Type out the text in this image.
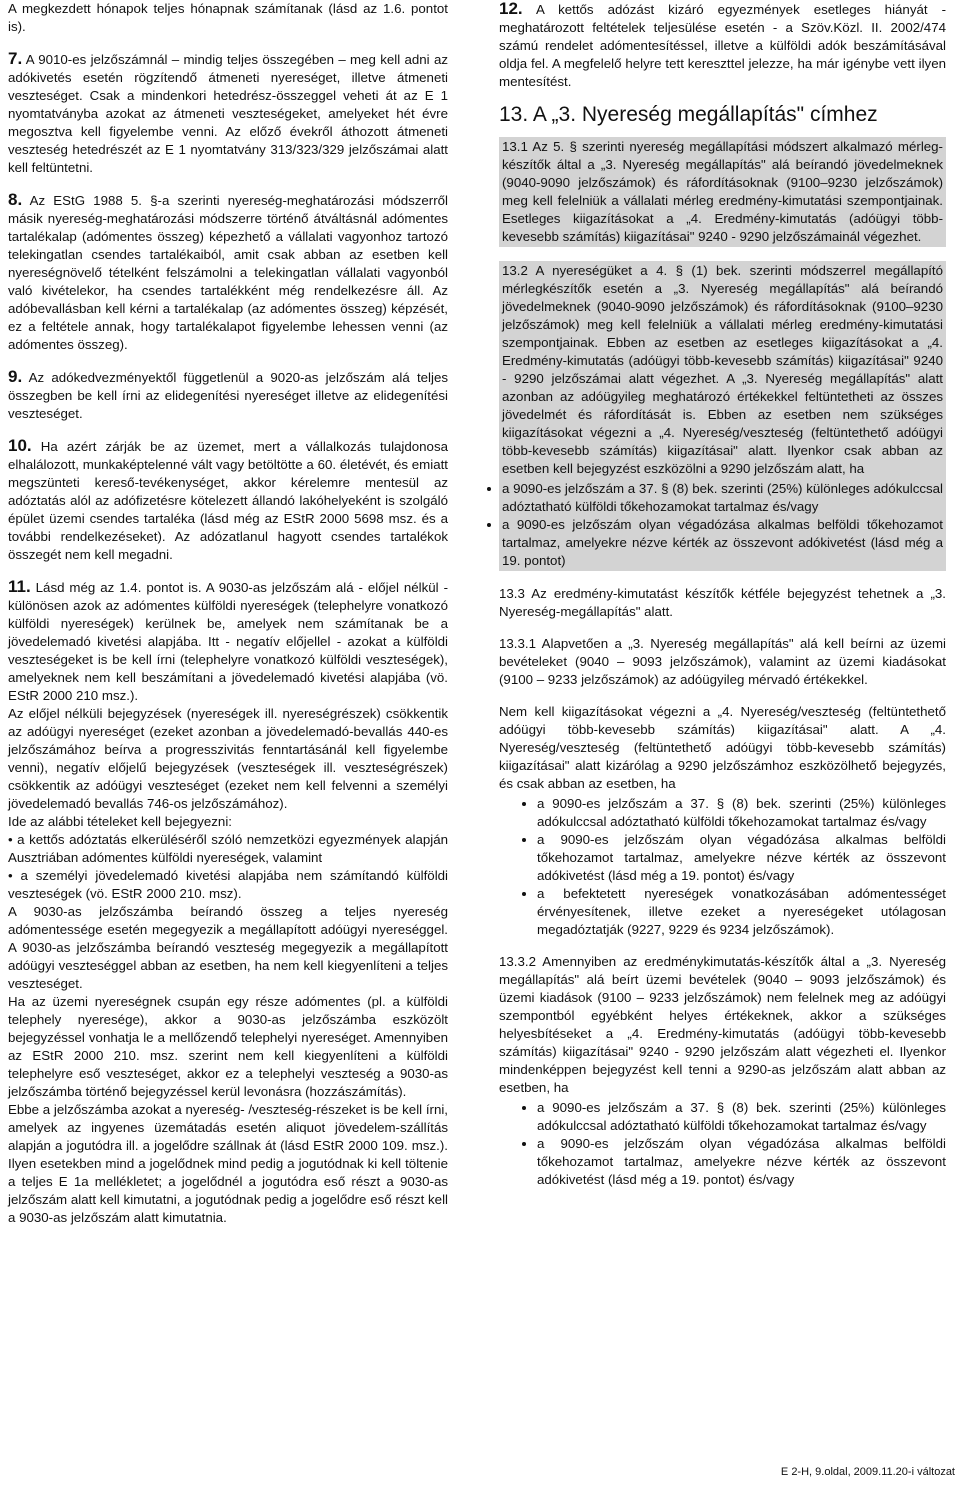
A megkezdett hónapok teljes hónapnak számítanak (lásd az 1.6. pontot is).

7. A 9010-es jelzőszámnál – mindig teljes összegében – meg kell adni az adókivetés esetén rögzítendő átmeneti nyereséget, illetve átmeneti veszteséget. Csak a mindenkori hetedrész-összeggel veheti át az E 1 nyomtatványba azokat az átmeneti veszteségeket, amelyeket hét évre megosztva kell figyelembe venni. Az előző évekről áthozott átmeneti veszteség hetedrészét az E 1 nyomtatvány 313/323/329 jelzőszámai alatt kell feltüntetni.

8. Az EStG 1988 5. §-a szerinti nyereség-meghatározási módszerről másik nyereség-meghatározási módszerre történő átváltásnál adómentes tartalékalap (adómentes összeg) képezhető a vállalati vagyonhoz tartozó telekingatlan csendes tartalékaiból, amit csak abban az esetben kell nyereségnövelő tételként felszámolni a telekingatlan vállalati vagyonból való kivételekor, ha csendes tartalékként még rendelkezésre áll. Az adóbevallásban kell kérni a tartalékalap (az adómentes összeg) képzését, ez a feltétele annak, hogy tartalékalapot figyelembe lehessen venni (az adómentes összeg).

9. Az adókedvezményektől függetlenül a 9020-as jelzőszám alá teljes összegben be kell írni az elidegenítési nyereséget illetve az elidegenítési veszteséget.

10. Ha azért zárják be az üzemet, mert a vállalkozás tulajdonosa elhalálozott, munkaképtelenné vált vagy betöltötte a 60. életévét, és emiatt megszünteti kereső-tevékenységet, akkor kérelemre mentesül az adóztatás alól az adófizetésre kötelezett állandó lakóhelyeként is szolgáló épület üzemi csendes tartaléka (lásd még az EStR 2000 5698 msz. és a további rendelkezéseket). Az adózatlanul hagyott csendes tartalékok összegét nem kell megadni.

11. Lásd még az 1.4. pontot is. A 9030-as jelzőszám alá - előjel nélkül - különösen azok az adómentes külföldi nyereségek (telephelyre vonatkozó külföldi nyereségek) kerülnek be, amelyek nem számítanak be a jövedelemadó kivetési alapjába. Itt - negatív előjellel - azokat a külföldi veszteségeket is be kell írni (telephelyre vonatkozó külföldi veszteségek), amelyeknek nem kell beszámítani a jövedelemadó kivetési alapjába (vö. EStR 2000 210 msz.).

Az előjel nélküli bejegyzések (nyereségek ill. nyereségrészek) csökkentik az adóügyi nyereséget (ezeket azonban a jövedelemadó-bevallás 440-es jelzőszámához beírva a progresszivitás fenntartásánál kell figyelembe venni), negatív előjelű bejegyzések (veszteségek ill. veszteségrészek) csökkentik az adóügyi veszteséget (ezeket nem kell felvenni a személyi jövedelemadó bevallás 746-os jelzőszámához).

Ide az alábbi tételeket kell bejegyezni:

• a kettős adóztatás elkerüléséről szóló nemzetközi egyezmények alapján Ausztriában adómentes külföldi nyereségek, valamint

• a személyi jövedelemadó kivetési alapjába nem számítandó külföldi veszteségek (vö. EStR 2000 210. msz).

A 9030-as jelzőszámba beírandó összeg a teljes nyereség adómentessége esetén megegyezik a megállapított adóügyi nyereséggel. A 9030-as jelzőszámba beírandó veszteség megegyezik a megállapított adóügyi veszteséggel abban az esetben, ha nem kell kiegyenlíteni a teljes veszteséget.

Ha az üzemi nyereségnek csupán egy része adómentes (pl. a külföldi telephely nyeresége), akkor a 9030-as jelzőszámba eszközölt bejegyzéssel vonhatja le a mellőzendő telephelyi nyereséget. Amennyiben az EStR 2000 210. msz. szerint nem kell kiegyenlíteni a külföldi telephelyre eső veszteséget, akkor ez a telephelyi veszteség a 9030-as jelzőszámba történő bejegyzéssel kerül levonásra (hozzászámítás).

Ebbe a jelzőszámba azokat a nyereség- /veszteség-részeket is be kell írni, amelyek az ingyenes üzemátadás esetén aliquot jövedelem-szállítás alapján a jogutódra ill. a jogelődre szállnak át (lásd EStR 2000 109. msz.). Ilyen esetekben mind a jogelődnek mind pedig a jogutódnak ki kell töltenie a teljes E 1a mellékletet; a jogelődnél a jogutódra eső részt a 9030-as jelzőszám alatt kell kimutatni, a jogutódnak pedig a jogelődre eső részt kell a 9030-as jelzőszám alatt kimutatnia.

12. A kettős adózást kizáró egyezmények esetleges hiányát - meghatározott feltételek teljesülése esetén - a Szöv.Közl. II. 2002/474 számú rendelet adómentesítéssel, illetve a külföldi adók beszámításával oldja fel. A megfelelő helyre tett kereszttel jelezze, ha már igénybe vett ilyen mentesítést.

13. A „3. Nyereség megállapítás" címhez

13.1 Az 5. § szerinti nyereség megállapítási módszert alkalmazó mérleg-készítők által a „3. Nyereség megállapítás" alá beírandó jövedelmeknek (9040-9090 jelzőszámok) és ráfordításoknak (9100–9230 jelzőszámok) meg kell felelniük a vállalati mérleg eredmény-kimutatási szempontjainak. Esetleges kiigazításokat a „4. Eredmény-kimutatás (adóügyi több-kevesebb számítás) kiigazításai" 9240 - 9290 jelzőszámainál végezhet.

13.2 A nyereségüket a 4. § (1) bek. szerinti módszerrel megállapító mérlegkészítők esetén a „3. Nyereség megállapítás" alá beírandó jövedelmeknek (9040-9090 jelzőszámok) és ráfordításoknak (9100–9230 jelzőszámok) meg kell felelniük a vállalati mérleg eredmény-kimutatási szempontjainak. Ebben az esetben az esetleges kiigazításokat a „4. Eredmény-kimutatás (adóügyi több-kevesebb számítás) kiigazításai" 9240 - 9290 jelzőszámai alatt végezhet. A „3. Nyereség megállapítás" alatt azonban az adóügyileg meghatározó értékekkel feltüntetheti az összes jövedelmét és ráfordítását is. Ebben az esetben nem szükséges kiigazításokat végezni a „4. Nyereség/veszteség (feltüntethető adóügyi több-kevesebb számítás) kiigazításai" alatt. Ilyenkor csak abban az esetben kell bejegyzést eszközölni a 9290 jelzőszám alatt, ha

• a 9090-es jelzőszám a 37. § (8) bek. szerinti (25%) különleges adókulccsal adóztatható külföldi tőkehozamokat tartalmaz és/vagy
• a 9090-es jelzőszám olyan végadózása alkalmas belföldi tőkehozamot tartalmaz, amelyekre nézve kérték az összevont adókivetést (lásd még a 19. pontot)

13.3 Az eredmény-kimutatást készítők kétféle bejegyzést tehetnek a „3. Nyereség-megállapítás" alatt.

13.3.1 Alapvetően a „3. Nyereség megállapítás" alá kell beírni az üzemi bevételeket (9040 – 9093 jelzőszámok), valamint az üzemi kiadásokat (9100 – 9233 jelzőszámok) az adóügyileg mérvadó értékekkel.

Nem kell kiigazításokat végezni a „4. Nyereség/veszteség (feltüntethető adóügyi több-kevesebb számítás) kiigazításai" alatt. A „4. Nyereség/veszteség (feltüntethető adóügyi több-kevesebb számítás) kiigazításai" alatt kizárólag a 9290 jelzőszámhoz eszközölhető bejegyzés, és csak abban az esetben, ha

• a 9090-es jelzőszám a 37. § (8) bek. szerinti (25%) különleges adókulccsal adóztatható külföldi tőkehozamokat tartalmaz és/vagy
• a 9090-es jelzőszám olyan végadózása alkalmas belföldi tőkehozamot tartalmaz, amelyekre nézve kérték az összevont adókivetést (lásd még a 19. pontot) és/vagy
• a befektetett nyereségek vonatkozásában adómentességet érvényesítenek, illetve ezeket a nyereségeket utólagosan megadóztatják (9227, 9229 és 9234 jelzőszámok).

13.3.2 Amennyiben az eredménykimutatás-készítők által a „3. Nyereség megállapítás" alá beírt üzemi bevételek (9040 – 9093 jelzőszámok) és üzemi kiadások (9100 – 9233 jelzőszámok) nem felelnek meg az adóügyi szempontból egyébként helyes értékeknek, akkor a szükséges helyesbítéseket a „4. Eredmény-kimutatás (adóügyi több-kevesebb számítás) kiigazításai" 9240 - 9290 jelzőszám alatt végezheti el. Ilyenkor mindenképpen bejegyzést kell tenni a 9290-as jelzőszám alatt abban az esetben, ha

• a 9090-es jelzőszám a 37. § (8) bek. szerinti (25%) különleges adókulccsal adóztatható külföldi tőkehozamokat tartalmaz és/vagy
• a 9090-es jelzőszám olyan végadózása alkalmas belföldi tőkehozamot tartalmaz, amelyekre nézve kérték az összevont adókivetést (lásd még a 19. pontot) és/vagy
E 2-H, 9.oldal, 2009.11.20-i változat
